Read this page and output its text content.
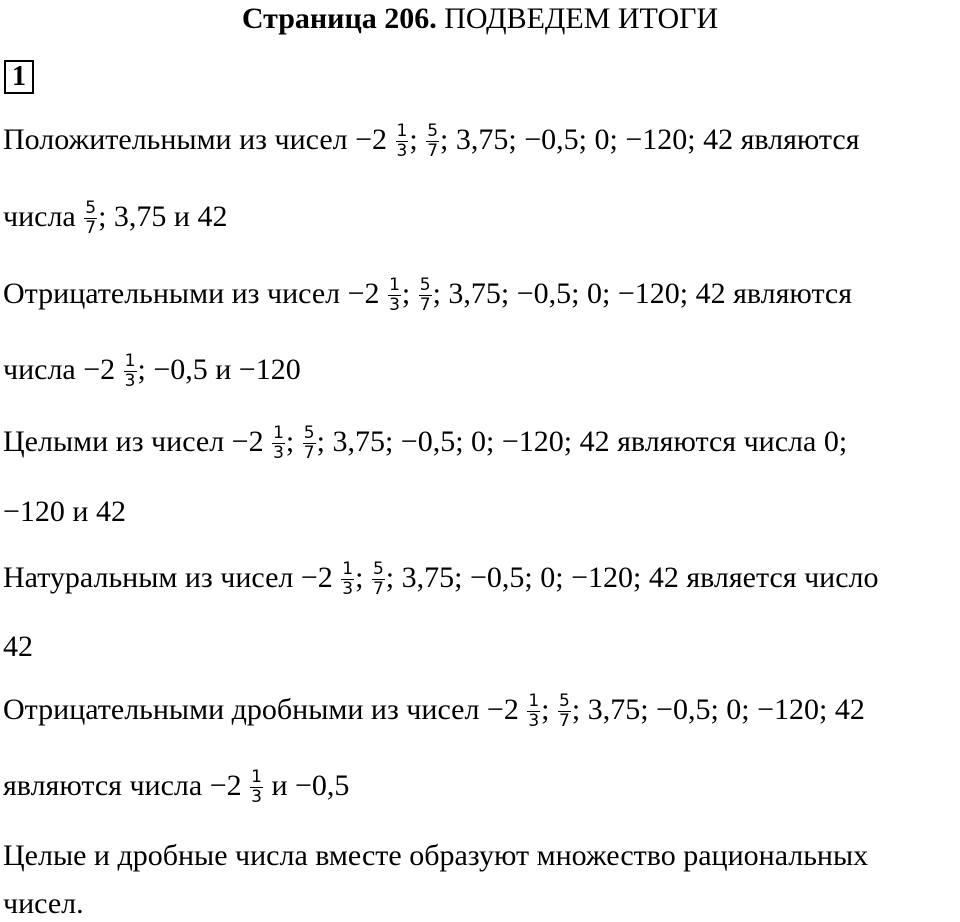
Страница 206. ПОДВЕДЕМ ИТОГИ
1
Положительными из чисел $-2 \frac{1}{3}$ ; $\frac{5}{7}$ ; 3,75; −0,5; 0; −120; 42 являются
числа $\frac{5}{7}$ ; 3,75 и 42
Отрицательными из чисел $-2 \frac{1}{3}$ ; $\frac{5}{7}$ ; 3,75; −0,5; 0; −120; 42 являются
числа $-2 \frac{1}{3}$ ; −0,5 и −120
Целыми из чисел $-2 \frac{1}{3}$ ; $\frac{5}{7}$ ; 3,75; −0,5; 0; −120; 42 являются числа 0;
−120 и 42
Натуральным из чисел $-2 \frac{1}{3}$ ; $\frac{5}{7}$ ; 3,75; −0,5; 0; −120; 42 является число
42
Отрицательными дробными из чисел $-2 \frac{1}{3}$ ; $\frac{5}{7}$ ; 3,75; −0,5; 0; −120; 42
являются числа $-2 \frac{1}{3}$ и −0,5
Целые и дробные числа вместе образуют множество рациональных
чисел.
